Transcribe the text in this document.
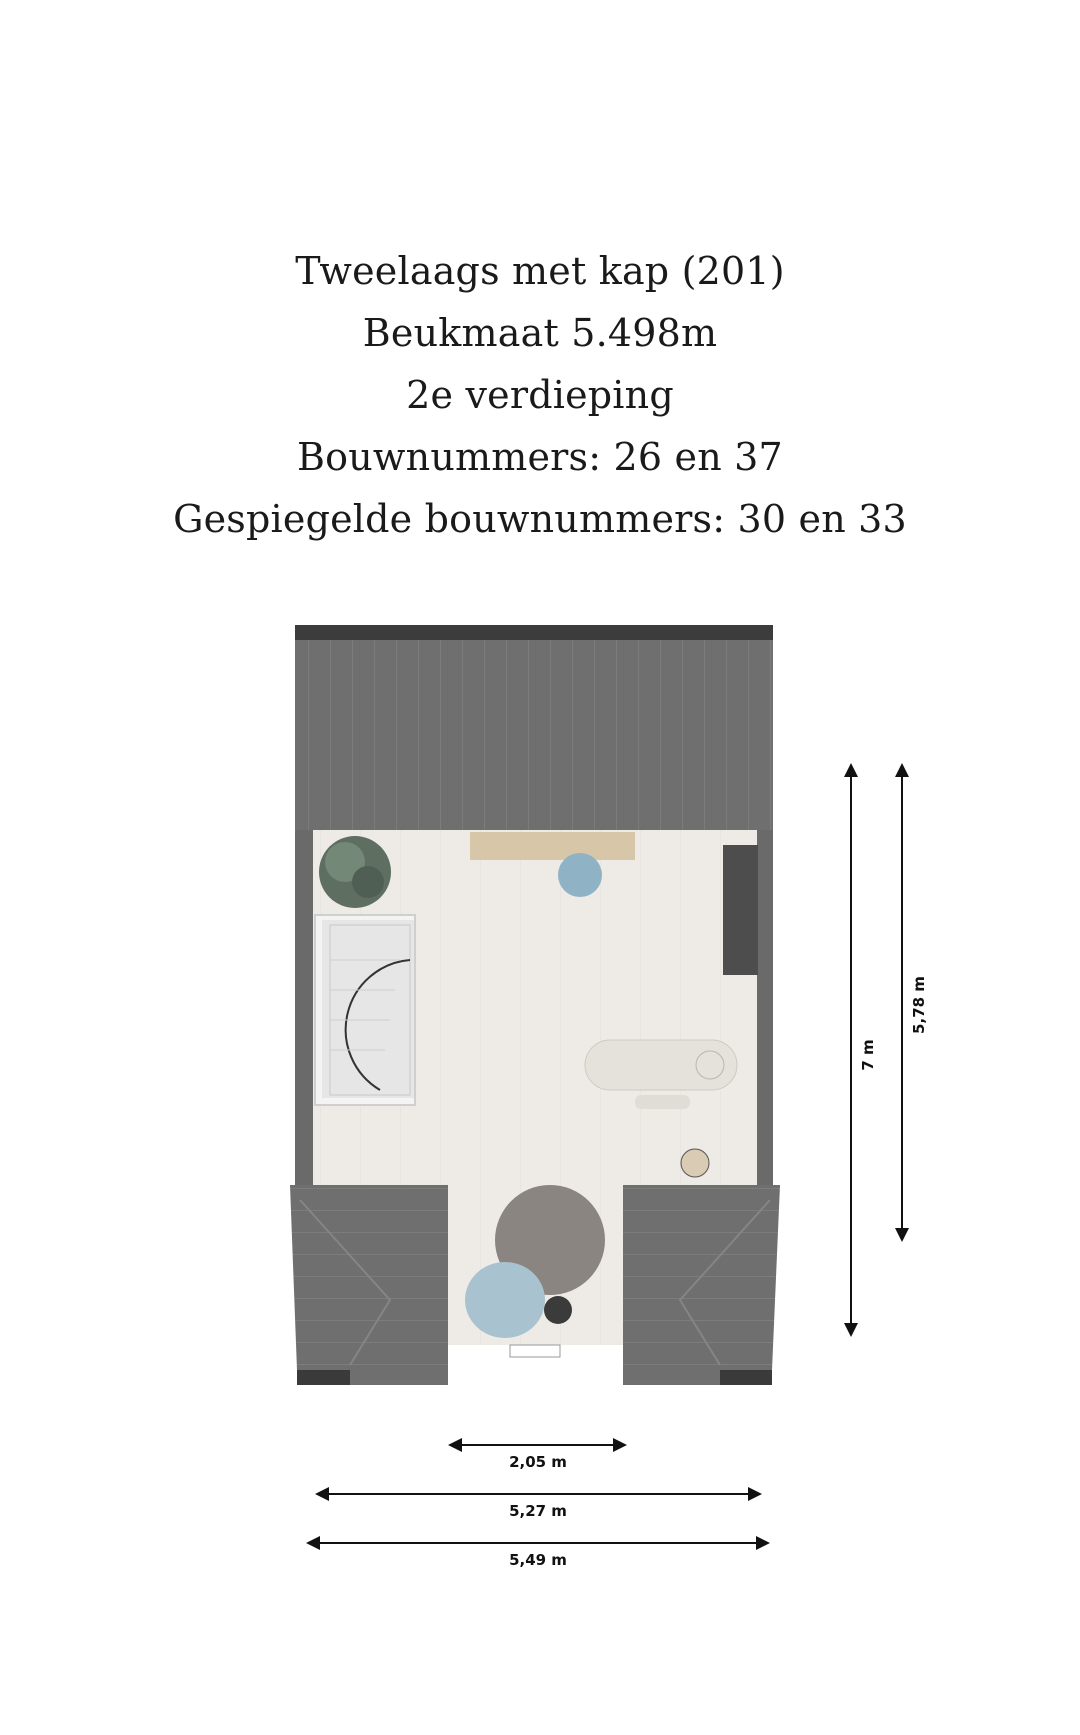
Tweelaags met kap (201)
Beukmaat 5.498m
2e verdieping
Bouwnummers: 26 en 37
Gespiegelde bouwnummers: 30 en 33
7 m
5,78 m
2,05 m
5,27 m
5,49 m
